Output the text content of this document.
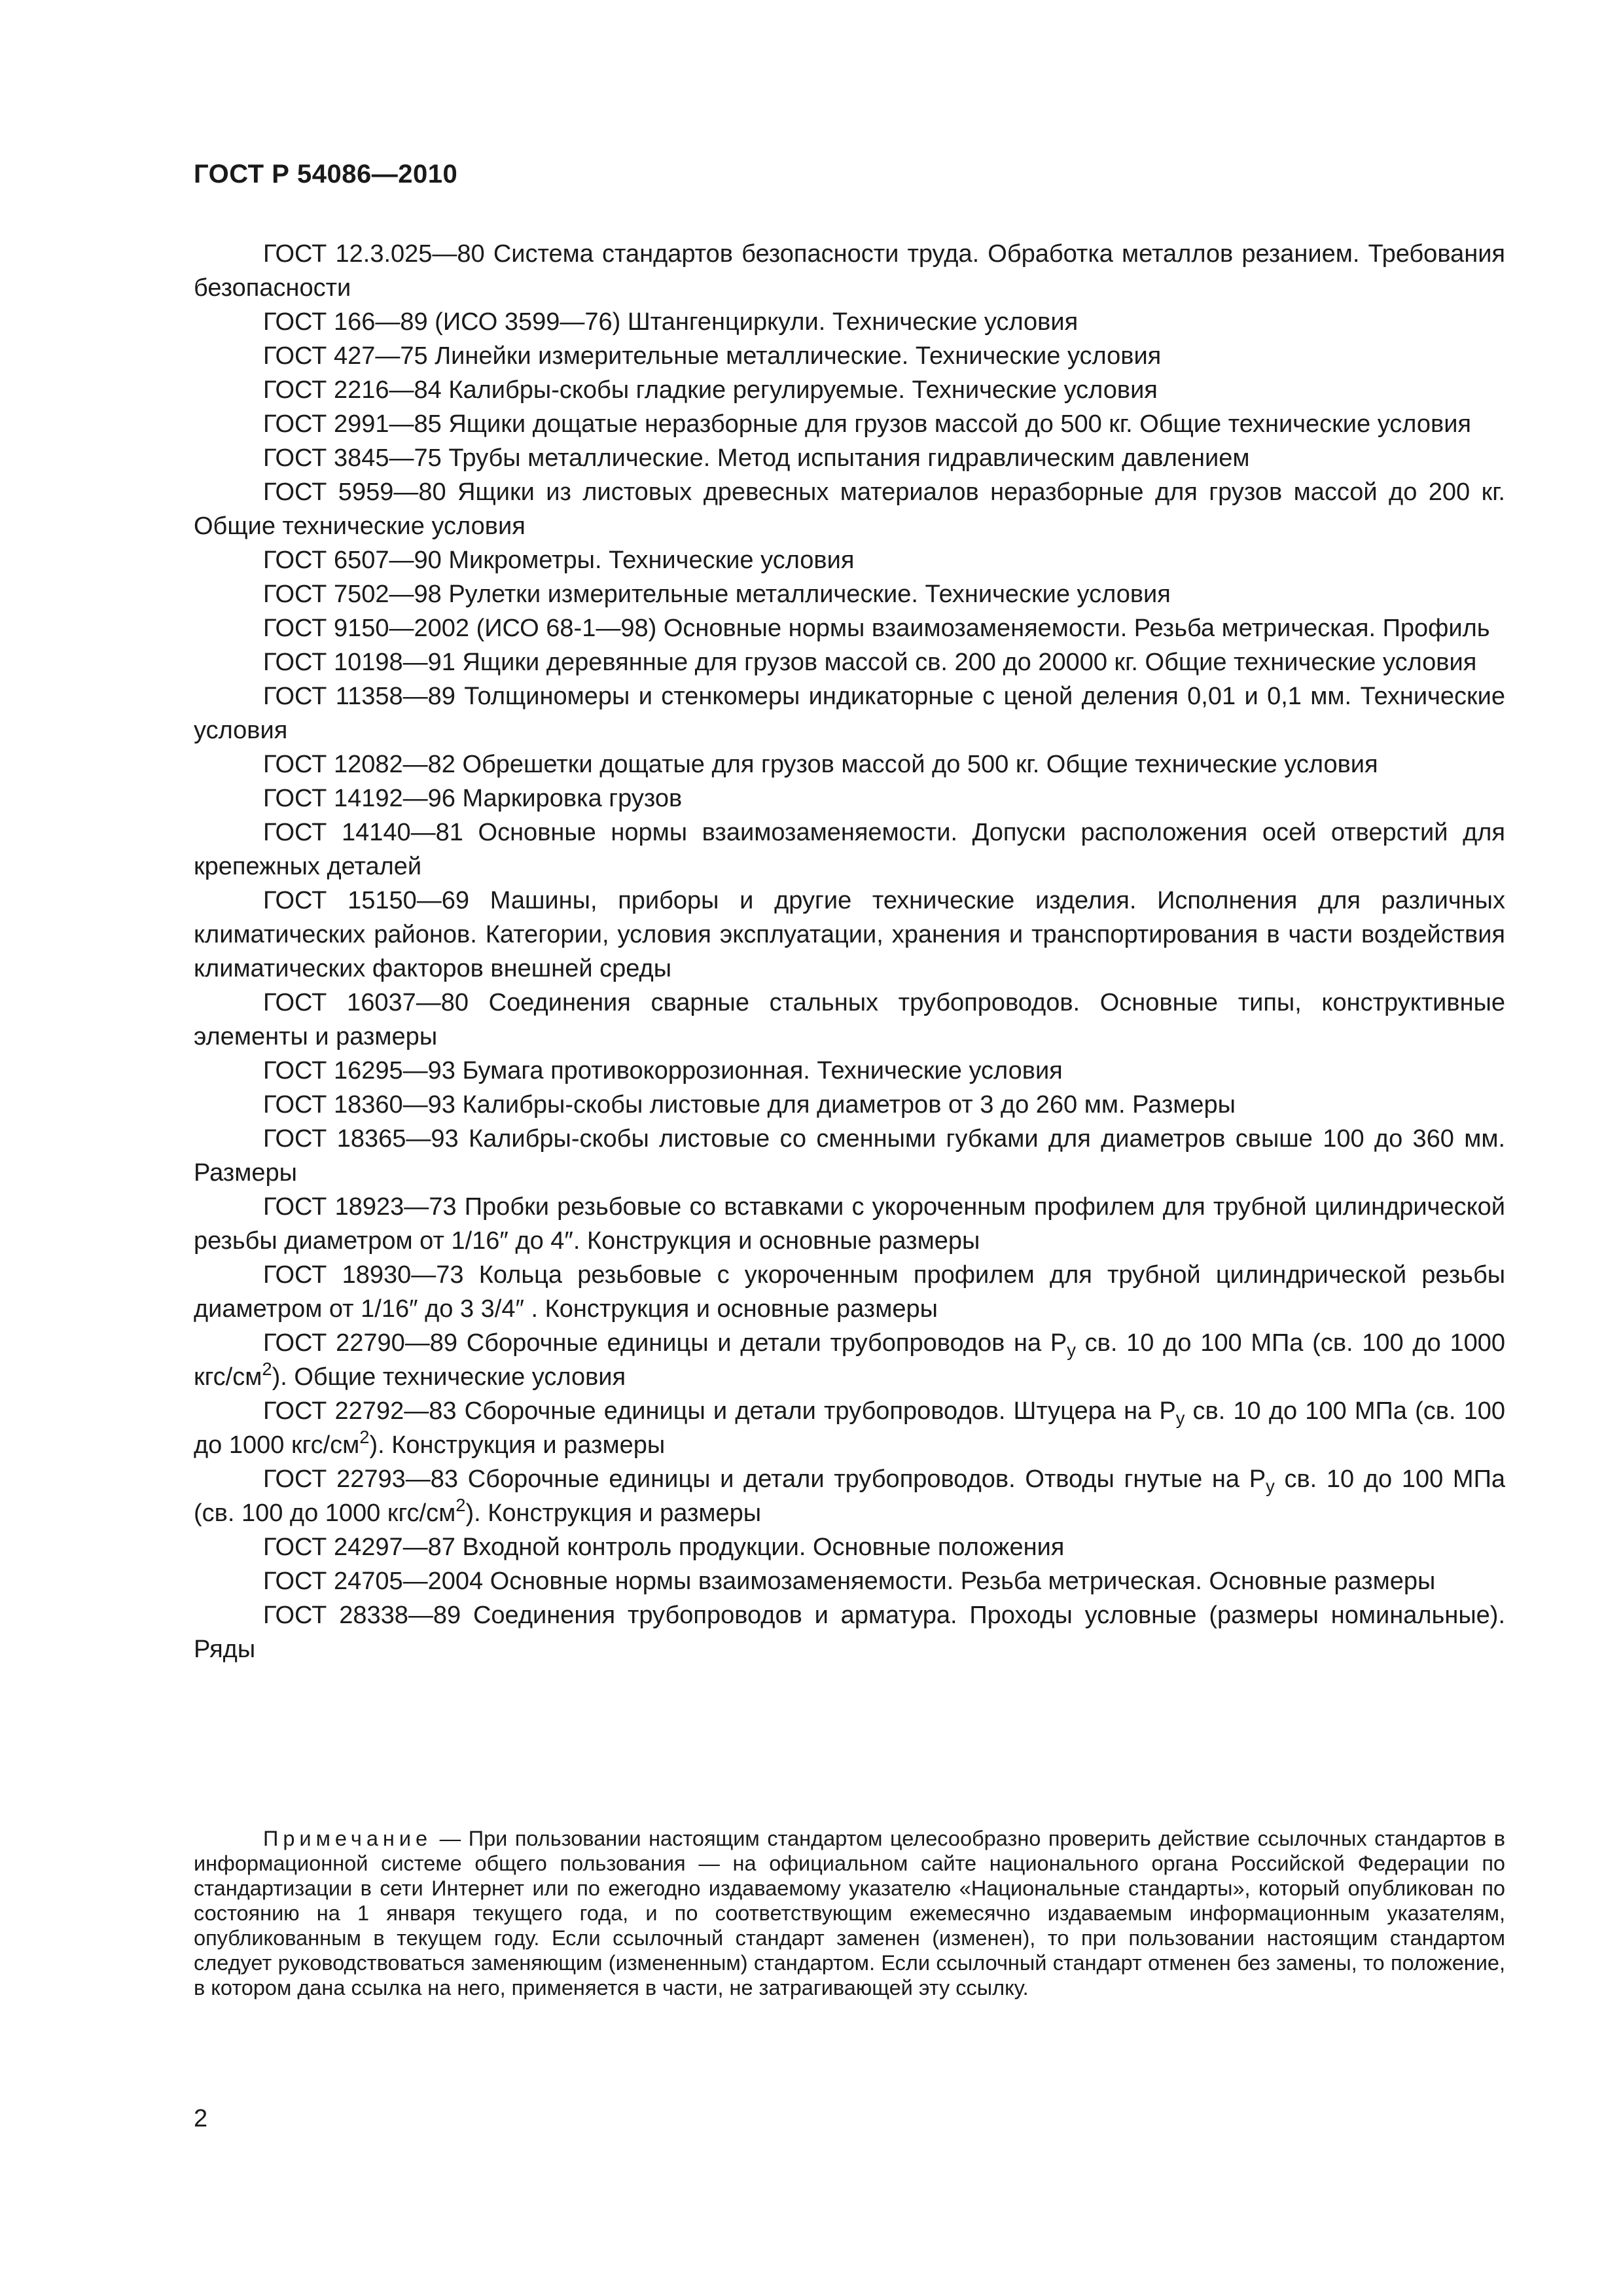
ГОСТ Р 54086—2010

ГОСТ 12.3.025—80 Система стандартов безопасности труда. Обработка металлов резанием. Требования безопасности

ГОСТ 166—89 (ИСО 3599—76) Штангенциркули. Технические условия

ГОСТ 427—75 Линейки измерительные металлические. Технические условия

ГОСТ 2216—84 Калибры-скобы гладкие регулируемые. Технические условия

ГОСТ 2991—85 Ящики дощатые неразборные для грузов массой до 500 кг. Общие технические условия

ГОСТ 3845—75 Трубы металлические. Метод испытания гидравлическим давлением

ГОСТ 5959—80 Ящики из листовых древесных материалов неразборные для грузов массой до 200 кг. Общие технические условия

ГОСТ 6507—90 Микрометры. Технические условия

ГОСТ 7502—98 Рулетки измерительные металлические. Технические условия

ГОСТ 9150—2002 (ИСО 68-1—98) Основные нормы взаимозаменяемости. Резьба метрическая. Профиль

ГОСТ 10198—91 Ящики деревянные для грузов массой св. 200 до 20000 кг. Общие технические условия

ГОСТ 11358—89 Толщиномеры и стенкомеры индикаторные с ценой деления 0,01 и 0,1 мм. Технические условия

ГОСТ 12082—82 Обрешетки дощатые для грузов массой до 500 кг. Общие технические условия

ГОСТ 14192—96 Маркировка грузов

ГОСТ 14140—81 Основные нормы взаимозаменяемости. Допуски расположения осей отверстий для крепежных деталей

ГОСТ 15150—69 Машины, приборы и другие технические изделия. Исполнения для различных климатических районов. Категории, условия эксплуатации, хранения и транспортирования в части воздействия климатических факторов внешней среды

ГОСТ 16037—80 Соединения сварные стальных трубопроводов. Основные типы, конструктивные элементы и размеры

ГОСТ 16295—93 Бумага противокоррозионная. Технические условия

ГОСТ 18360—93 Калибры-скобы листовые для диаметров от 3 до 260 мм. Размеры

ГОСТ 18365—93 Калибры-скобы листовые со сменными губками для диаметров свыше 100 до 360 мм. Размеры

ГОСТ 18923—73 Пробки резьбовые со вставками с укороченным профилем для трубной цилиндрической резьбы диаметром от 1/16″ до 4″. Конструкция и основные размеры

ГОСТ 18930—73 Кольца резьбовые с укороченным профилем для трубной цилиндрической резьбы диаметром от 1/16″ до 3 3/4″ . Конструкция и основные размеры

ГОСТ 22790—89 Сборочные единицы и детали трубопроводов на $P_y$ св. 10 до 100 МПа (св. 100 до 1000 кгс/$см^2$). Общие технические условия

ГОСТ 22792—83 Сборочные единицы и детали трубопроводов. Штуцера на $P_y$ св. 10 до 100 МПа (св. 100 до 1000 кгс/$см^2$). Конструкция и размеры

ГОСТ 22793—83 Сборочные единицы и детали трубопроводов. Отводы гнутые на $P_y$ св. 10 до 100 МПа (св. 100 до 1000 кгс/$см^2$). Конструкция и размеры

ГОСТ 24297—87 Входной контроль продукции. Основные положения

ГОСТ 24705—2004 Основные нормы взаимозаменяемости. Резьба метрическая. Основные размеры

ГОСТ 28338—89 Соединения трубопроводов и арматура. Проходы условные (размеры номинальные). Ряды

Примечание — При пользовании настоящим стандартом целесообразно проверить действие ссылочных стандартов в информационной системе общего пользования — на официальном сайте национального органа Российской Федерации по стандартизации в сети Интернет или по ежегодно издаваемому указателю «Национальные стандарты», который опубликован по состоянию на 1 января текущего года, и по соответствующим ежемесячно издаваемым информационным указателям, опубликованным в текущем году. Если ссылочный стандарт заменен (изменен), то при пользовании настоящим стандартом следует руководствоваться заменяющим (измененным) стандартом. Если ссылочный стандарт отменен без замены, то положение, в котором дана ссылка на него, применяется в части, не затрагивающей эту ссылку.

2
